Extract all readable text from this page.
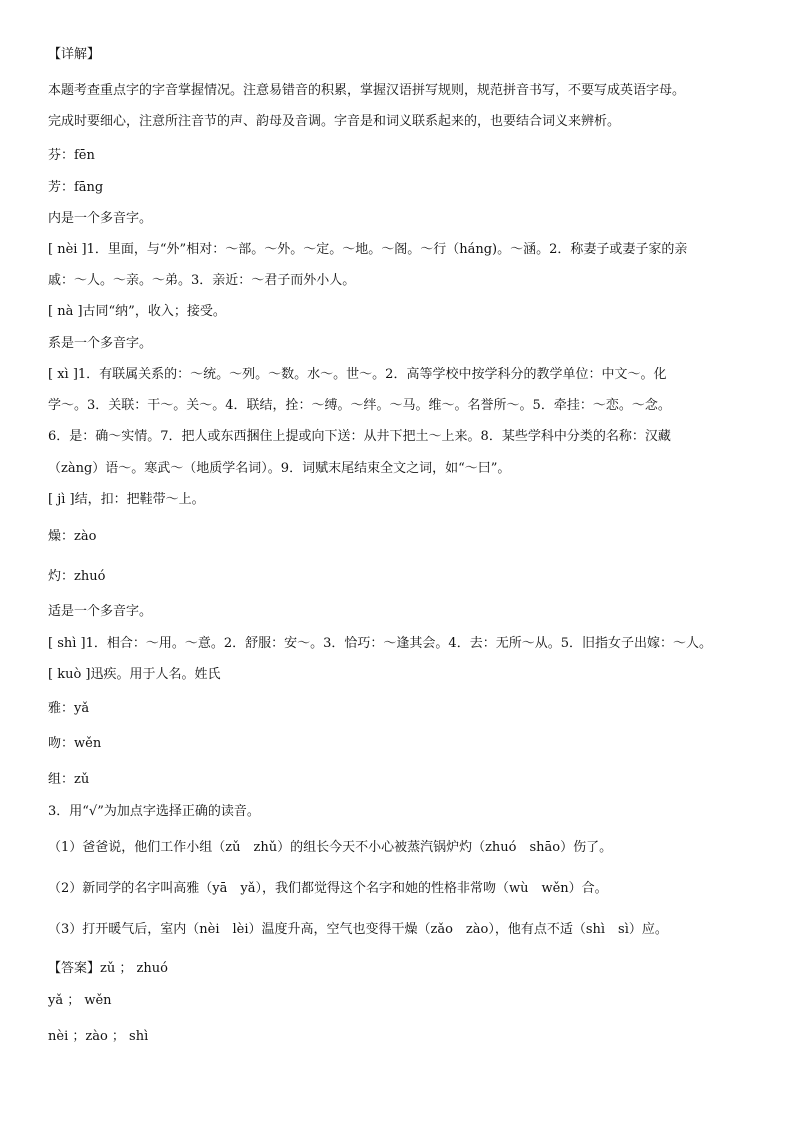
【详解】
本题考查重点字的字音掌握情况。注意易错音的积累，掌握汉语拼写规则，规范拼音书写，不要写成英语字母。
完成时要细心，注意所注音节的声、韵母及音调。字音是和词义联系起来的，也要结合词义来辨析。
芬：fēn
芳：fāng
内是一个多音字。
[ nèi ]1．里面，与“外”相对：～部。～外。～定。～地。～阁。～行（háng)。～涵。2．称妻子或妻子家的亲
戚：～人。～亲。～弟。3．亲近：～君子而外小人。
[ nà ]古同“纳”，收入；接受。
系是一个多音字。
[ xì ]1．有联属关系的：～统。～列。～数。水～。世～。2．高等学校中按学科分的教学单位：中文～。化
学～。3．关联：干～。关～。4．联结，拴：～缚。～绊。～马。维～。名誉所～。5．牵挂：～恋。～念。
6．是：确～实情。7．把人或东西捆住上提或向下送：从井下把土～上来。8．某些学科中分类的名称：汉藏
（zàng）语～。寒武～（地质学名词）。9．词赋末尾结束全文之词，如“～曰”。
[ jì ]结，扣：把鞋带～上。
燥：zào
灼：zhuó
适是一个多音字。
[ shì ]1．相合：～用。～意。2．舒服：安～。3．恰巧：～逢其会。4．去：无所～从。5．旧指女子出嫁：～人。
[ kuò ]迅疾。用于人名。姓氏
雅：yǎ
吻：wěn
组：zǔ
3．用“√”为加点字选择正确的读音。
（1）爸爸说，他们工作小组（zǔ　zhǔ）的组长今天不小心被蒸汽锅炉灼（zhuó　shāo）伤了。
（2）新同学的名字叫高雅（yā　yǎ），我们都觉得这个名字和她的性格非常吻（wù　wěn）合。
（3）打开暖气后，室内（nèi　lèi）温度升高，空气也变得干燥（zǎo　zào），他有点不适（shì　sì）应。
【答案】zǔ ； zhuó
yǎ ； wěn
nèi ；zào ； shì
